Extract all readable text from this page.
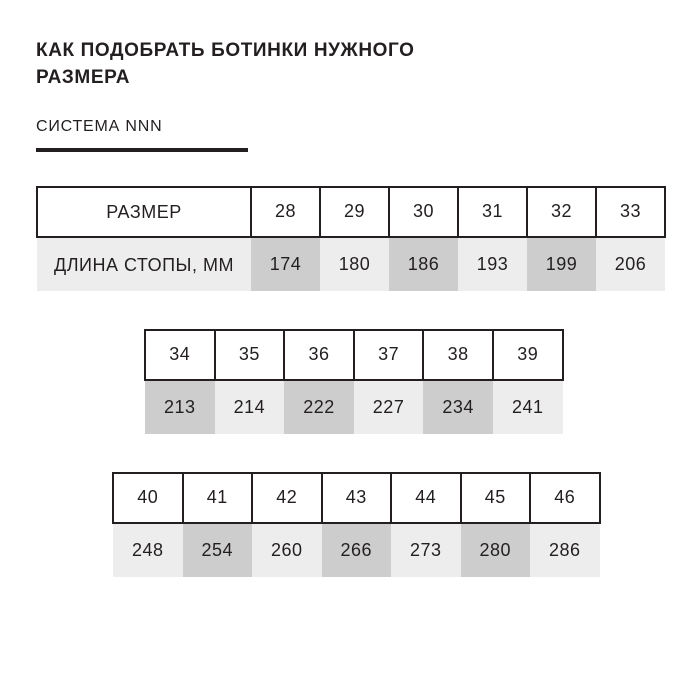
КАК ПОДОБРАТЬ БОТИНКИ НУЖНОГО РАЗМЕРА
СИСТЕМА NNN
РАЗМЕР	28	29	30	31	32	33
ДЛИНА СТОПЫ, ММ	174	180	186	193	199	206
34	35	36	37	38	39
213	214	222	227	234	241
40	41	42	43	44	45	46
248	254	260	266	273	280	286
